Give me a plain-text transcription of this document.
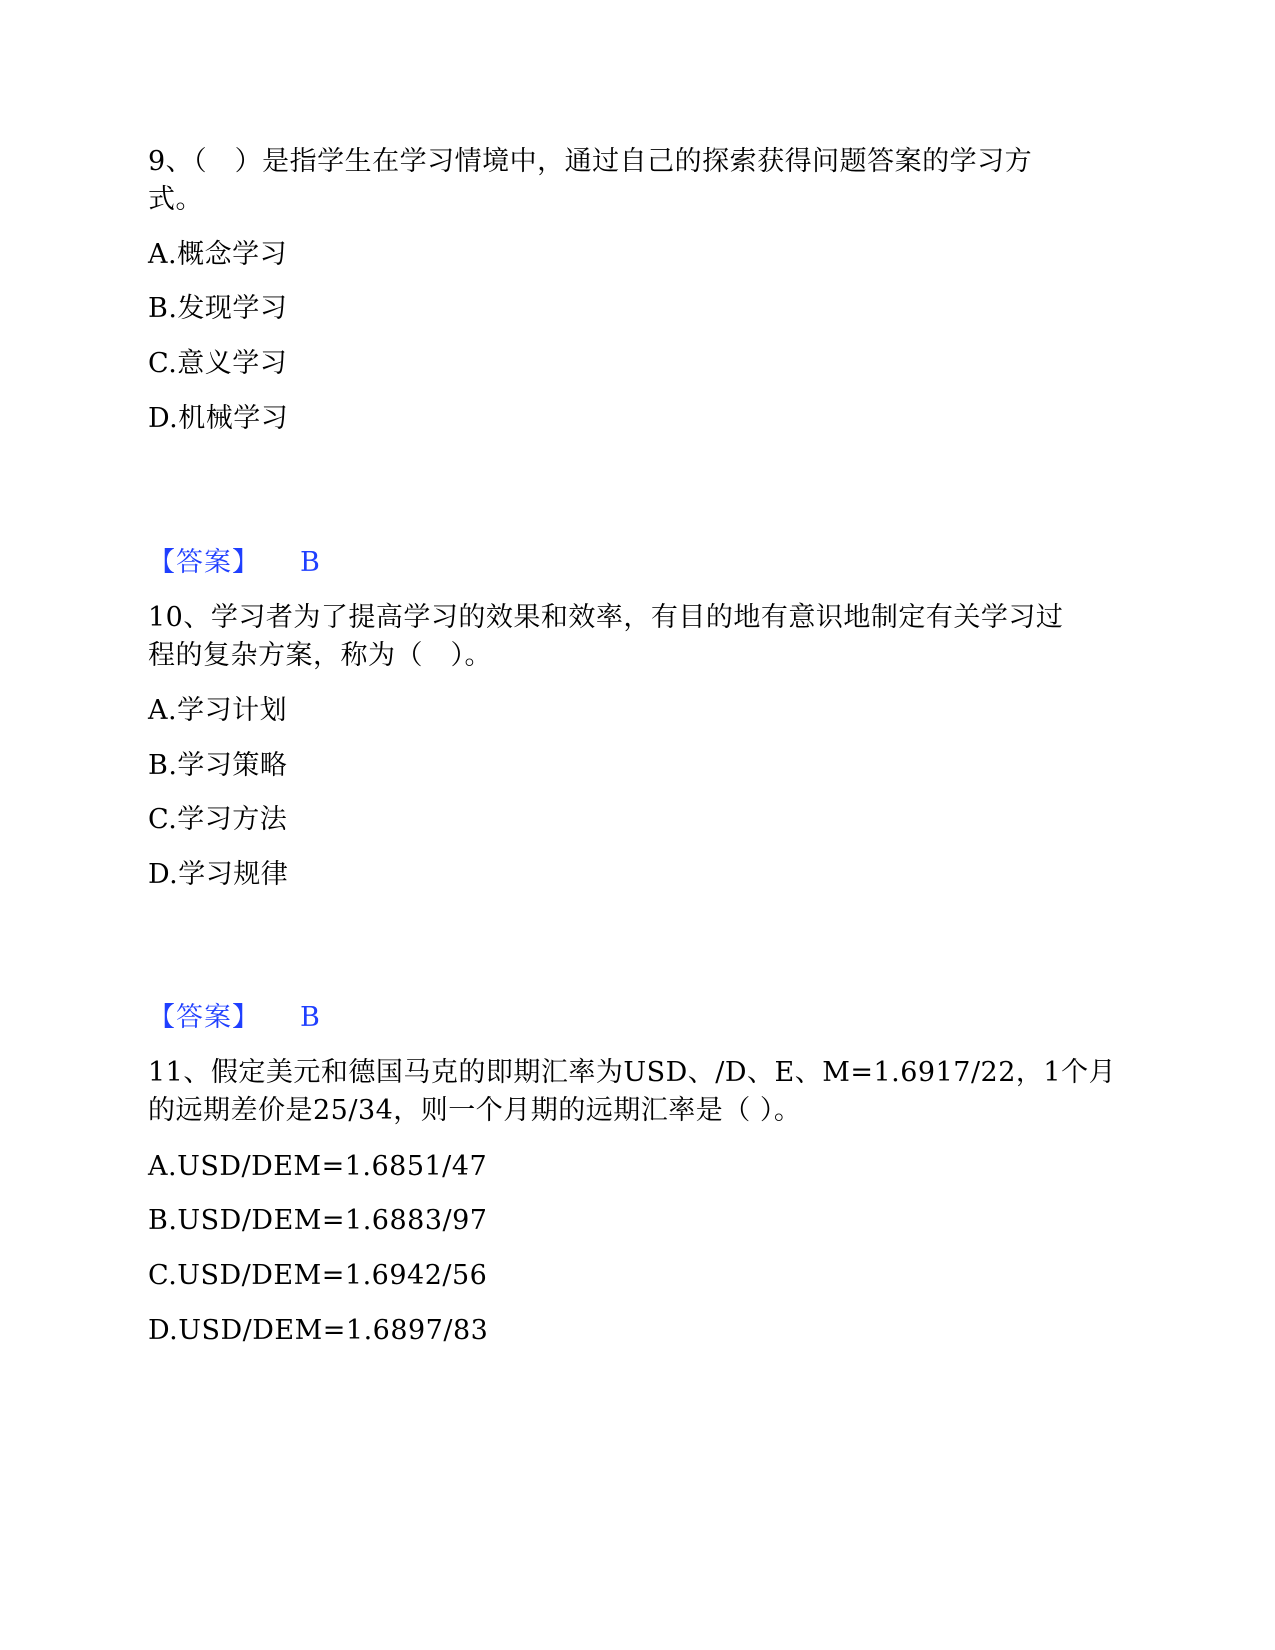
9、（　）是指学生在学习情境中，通过自己的探索获得问题答案的学习方
式。
A.概念学习
B.发现学习
C.意义学习
D.机械学习
【答案】 B
10、学习者为了提高学习的效果和效率，有目的地有意识地制定有关学习过
程的复杂方案，称为（　）。
A.学习计划
B.学习策略
C.学习方法
D.学习规律
【答案】 B
11、假定美元和德国马克的即期汇率为USD、/D、E、M=1.6917/22，1个月
的远期差价是25/34，则一个月期的远期汇率是（ ）。
A.USD/DEM=1.6851/47
B.USD/DEM=1.6883/97
C.USD/DEM=1.6942/56
D.USD/DEM=1.6897/83
